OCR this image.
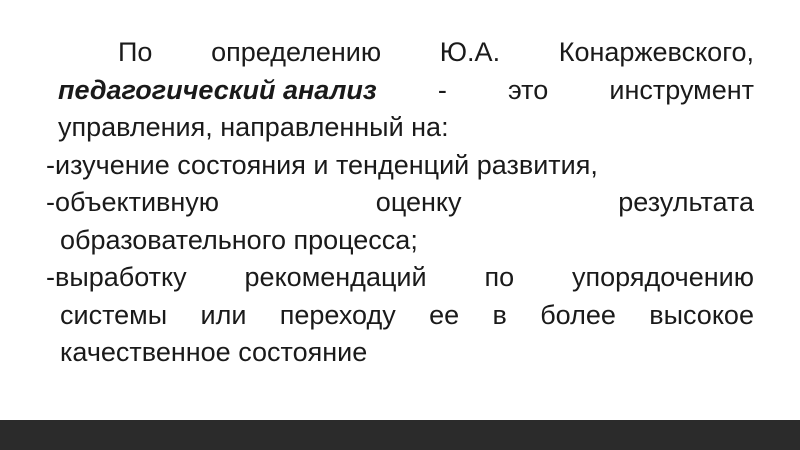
По определению Ю.А. Конаржевского,
педагогический анализ - это инструмент
управления, направленный на:
-изучение состояния и тенденций развития,
-объективную	оценку	результата
образовательного процесса;
-выработку рекомендаций по упорядочению
системы или переходу ее в более высокое
качественное состояние
